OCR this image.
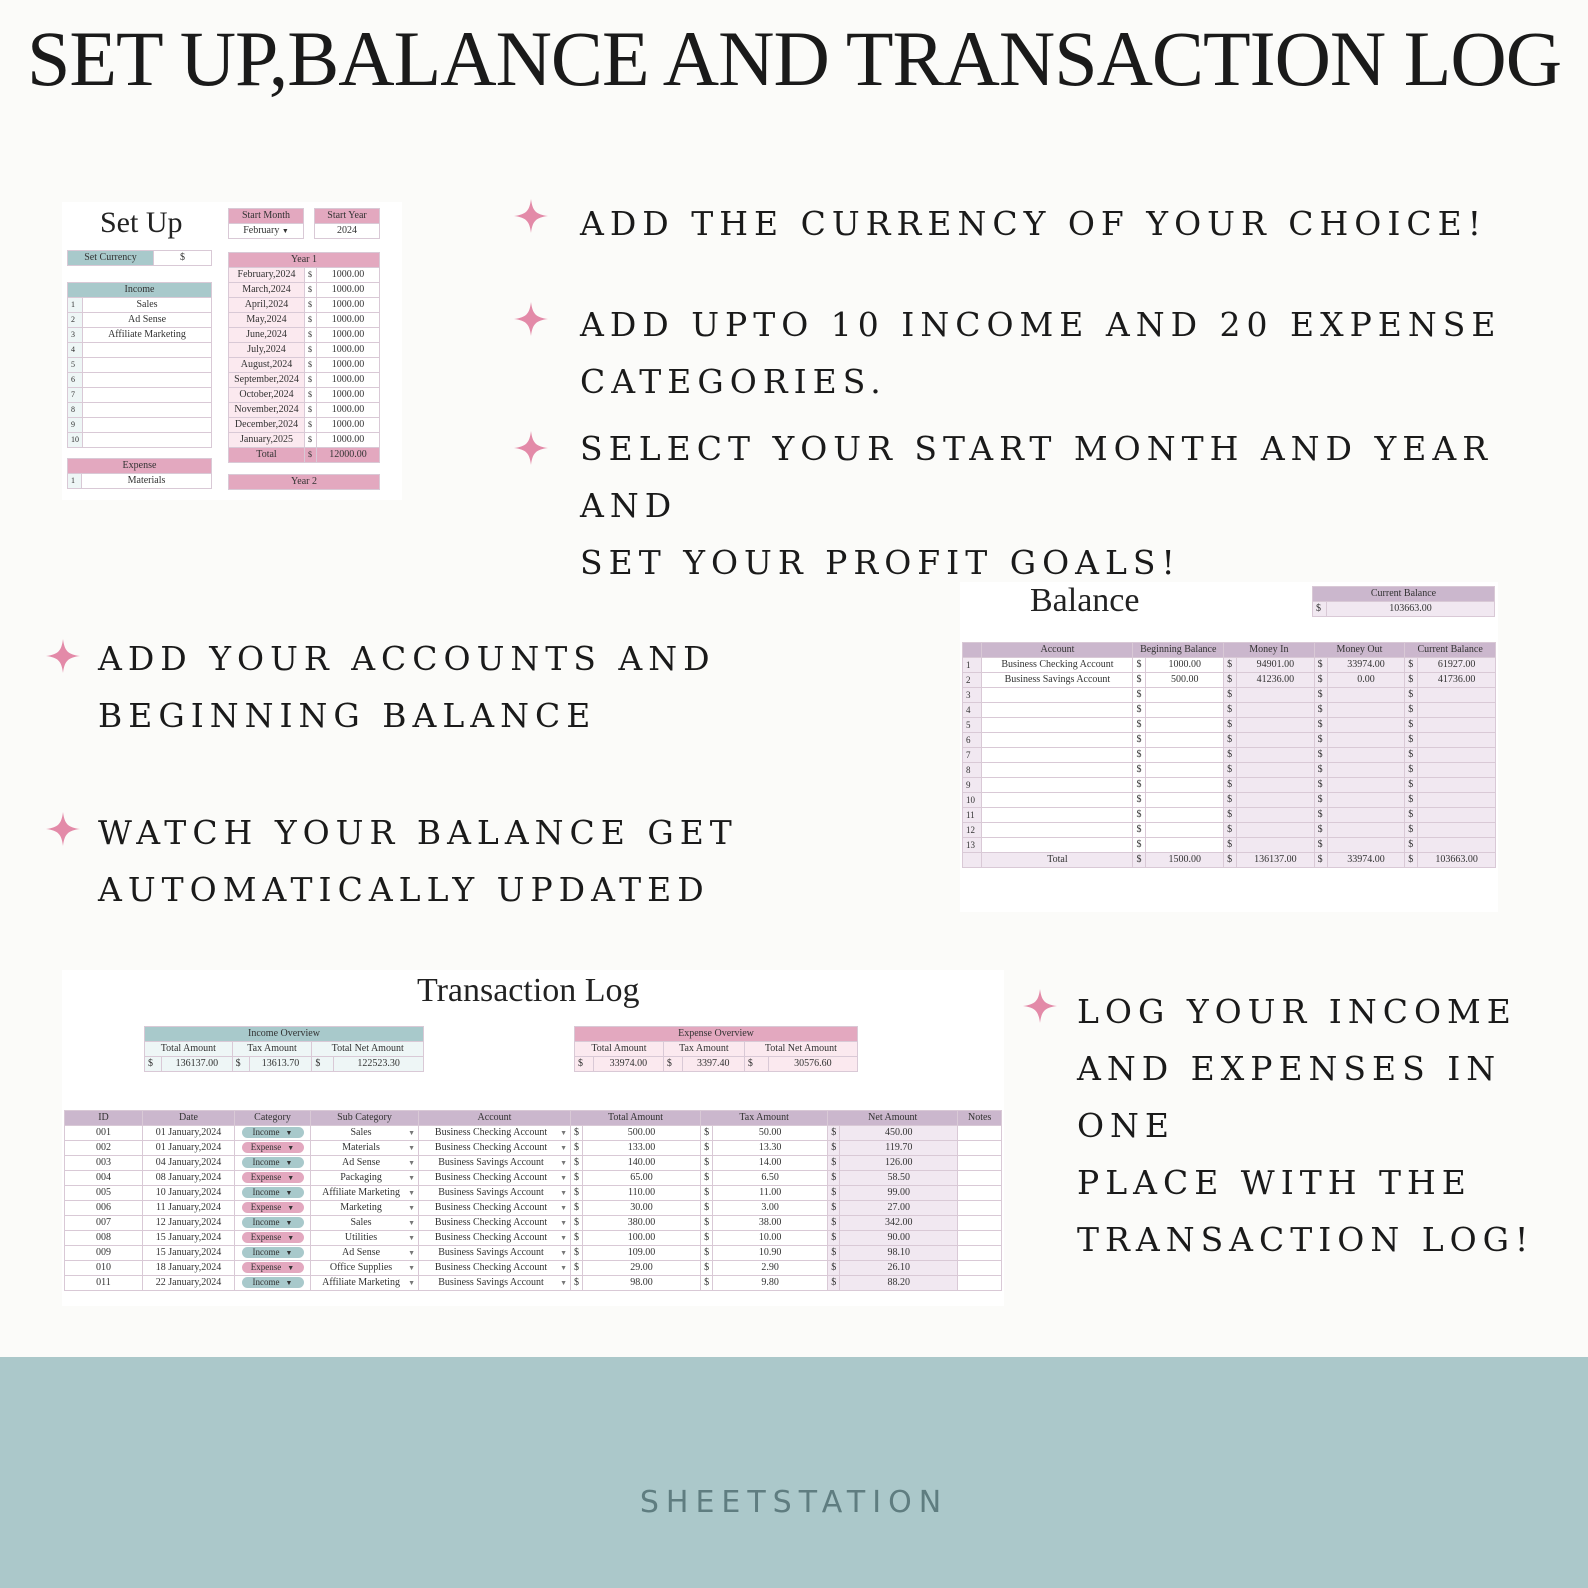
SET UP,BALANCE AND TRANSACTION LOG
ADD THE CURRENCY OF YOUR CHOICE!
ADD UPTO 10 INCOME AND 20 EXPENSE
CATEGORIES.
SELECT YOUR START MONTH AND YEAR AND
SET YOUR PROFIT GOALS!
ADD YOUR ACCOUNTS AND
BEGINNING BALANCE
WATCH YOUR BALANCE GET
AUTOMATICALLY UPDATED
LOG YOUR INCOME
AND EXPENSES IN ONE
PLACE WITH THE
TRANSACTION LOG!
Set Up	Start Month
February ▼
Start Year
2024
Set Currency	$
Income	
1	Sales
2	Ad Sense
3	Affiliate Marketing
4	
5	
6	
7	
8	
9	
10	
Expense
1	Materials
Year 1		
February,2024	$	1000.00
March,2024	$	1000.00
April,2024	$	1000.00
May,2024	$	1000.00
June,2024	$	1000.00
July,2024	$	1000.00
August,2024	$	1000.00
September,2024	$	1000.00
October,2024	$	1000.00
November,2024	$	1000.00
December,2024	$	1000.00
January,2025	$	1000.00
Total	$	12000.00
Year 2
Balance	Current Balance
$	103663.00
	Account	Beginning Balance		Money In		Money Out		Current Balance	
1	Business Checking Account	$	1000.00	$	94901.00	$	33974.00	$	61927.00
2	Business Savings Account	$	500.00	$	41236.00	$	0.00	$	41736.00
3		$		$		$		$	
4		$		$		$		$	
5		$		$		$		$	
6		$		$		$		$	
7		$		$		$		$	
8		$		$		$		$	
9		$		$		$		$	
10		$		$		$		$	
11		$		$		$		$	
12		$		$		$		$	
13		$		$		$		$	
	Total	$	1500.00	$	136137.00	$	33974.00	$	103663.00
Transaction Log
Income Overview					
Total Amount		Tax Amount		Total Net Amount	
$	136137.00	$	13613.70	$	122523.30
Expense Overview					
Total Amount		Tax Amount		Total Net Amount	
$	33974.00	$	3397.40	$	30576.60
ID	Date	Category	Sub Category	Account	Total Amount		Tax Amount		Net Amount		Notes
001	01 January,2024	Income ▼	Sales ▼	Business Checking Account ▼	$	500.00	$	50.00	$	450.00	
002	01 January,2024	Expense ▼	Materials ▼	Business Checking Account ▼	$	133.00	$	13.30	$	119.70	
003	04 January,2024	Income ▼	Ad Sense ▼	Business Savings Account ▼	$	140.00	$	14.00	$	126.00	
004	08 January,2024	Expense ▼	Packaging ▼	Business Checking Account ▼	$	65.00	$	6.50	$	58.50	
005	10 January,2024	Income ▼	Affiliate Marketing ▼	Business Savings Account ▼	$	110.00	$	11.00	$	99.00	
006	11 January,2024	Expense ▼	Marketing ▼	Business Checking Account ▼	$	30.00	$	3.00	$	27.00	
007	12 January,2024	Income ▼	Sales ▼	Business Checking Account ▼	$	380.00	$	38.00	$	342.00	
008	15 January,2024	Expense ▼	Utilities ▼	Business Checking Account ▼	$	100.00	$	10.00	$	90.00	
009	15 January,2024	Income ▼	Ad Sense ▼	Business Savings Account ▼	$	109.00	$	10.90	$	98.10	
010	18 January,2024	Expense ▼	Office Supplies ▼	Business Checking Account ▼	$	29.00	$	2.90	$	26.10	
011	22 January,2024	Income ▼	Affiliate Marketing ▼	Business Savings Account ▼	$	98.00	$	9.80	$	88.20	
SHEETSTATION
